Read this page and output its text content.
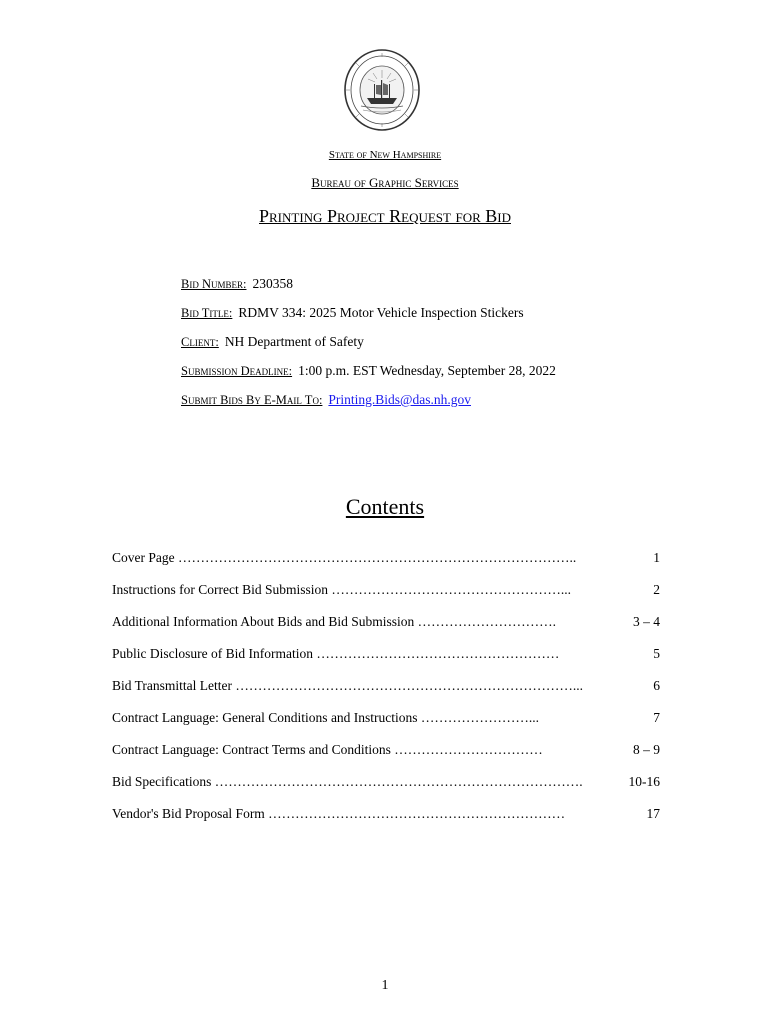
State of New Hampshire
Bureau of Graphic Services
Printing Project Request for Bid
Bid Number: 230358
Bid Title: RDMV 334: 2025 Motor Vehicle Inspection Stickers
Client: NH Department of Safety
Submission Deadline: 1:00 p.m. EST Wednesday, September 28, 2022
Submit Bids By E-Mail To: Printing.Bids@das.nh.gov
Contents
Cover Page ……………………………………………………………………………..	1
Instructions for Correct Bid Submission ……………………………………………...	2
Additional Information About Bids and Bid Submission ………………………….	3 – 4
Public Disclosure of Bid Information ………………………………………………	5
Bid Transmittal Letter …………………………………………………………………...	6
Contract Language: General Conditions and Instructions ……………………...	7
Contract Language: Contract Terms and Conditions ……………………………	8 – 9
Bid Specifications ……………………………………………………………………….	10-16
Vendor's Bid Proposal Form …………………………………………………………	17
1
